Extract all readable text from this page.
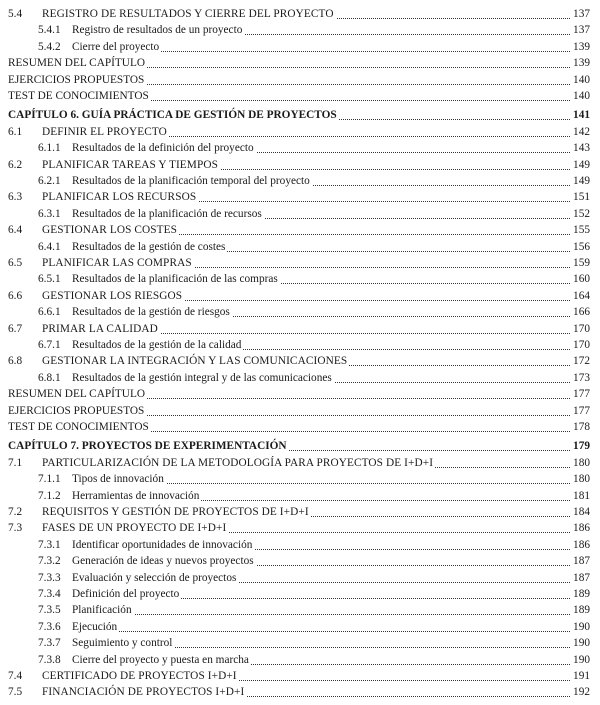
5.4 REGISTRO DE RESULTADOS Y CIERRE DEL PROYECTO	137
5.4.1 Registro de resultados de un proyecto	137
5.4.2 Cierre del proyecto	139
RESUMEN DEL CAPÍTULO	139
EJERCICIOS PROPUESTOS	140
TEST DE CONOCIMIENTOS	140
CAPÍTULO 6. GUÍA PRÁCTICA DE GESTIÓN DE PROYECTOS	141
6.1 DEFINIR EL PROYECTO	142
6.1.1 Resultados de la definición del proyecto	143
6.2 PLANIFICAR TAREAS Y TIEMPOS	149
6.2.1 Resultados de la planificación temporal del proyecto	149
6.3 PLANIFICAR LOS RECURSOS	151
6.3.1 Resultados de la planificación de recursos	152
6.4 GESTIONAR LOS COSTES	155
6.4.1 Resultados de la gestión de costes	156
6.5 PLANIFICAR LAS COMPRAS	159
6.5.1 Resultados de la planificación de las compras	160
6.6 GESTIONAR LOS RIESGOS	164
6.6.1 Resultados de la gestión de riesgos	166
6.7 PRIMAR LA CALIDAD	170
6.7.1 Resultados de la gestión de la calidad	170
6.8 GESTIONAR LA INTEGRACIÓN Y LAS COMUNICACIONES	172
6.8.1 Resultados de la gestión integral y de las comunicaciones	173
RESUMEN DEL CAPÍTULO	177
EJERCICIOS PROPUESTOS	177
TEST DE CONOCIMIENTOS	178
CAPÍTULO 7. PROYECTOS DE EXPERIMENTACIÓN	179
7.1 PARTICULARIZACIÓN DE LA METODOLOGÍA PARA PROYECTOS DE I+D+I	180
7.1.1 Tipos de innovación	180
7.1.2 Herramientas de innovación	181
7.2 REQUISITOS Y GESTIÓN DE PROYECTOS DE I+D+I	184
7.3 FASES DE UN PROYECTO DE I+D+I	186
7.3.1 Identificar oportunidades de innovación	186
7.3.2 Generación de ideas y nuevos proyectos	187
7.3.3 Evaluación y selección de proyectos	187
7.3.4 Definición del proyecto	189
7.3.5 Planificación	189
7.3.6 Ejecución	190
7.3.7 Seguimiento y control	190
7.3.8 Cierre del proyecto y puesta en marcha	190
7.4 CERTIFICADO DE PROYECTOS I+D+I	191
7.5 FINANCIACIÓN DE PROYECTOS I+D+I	192
